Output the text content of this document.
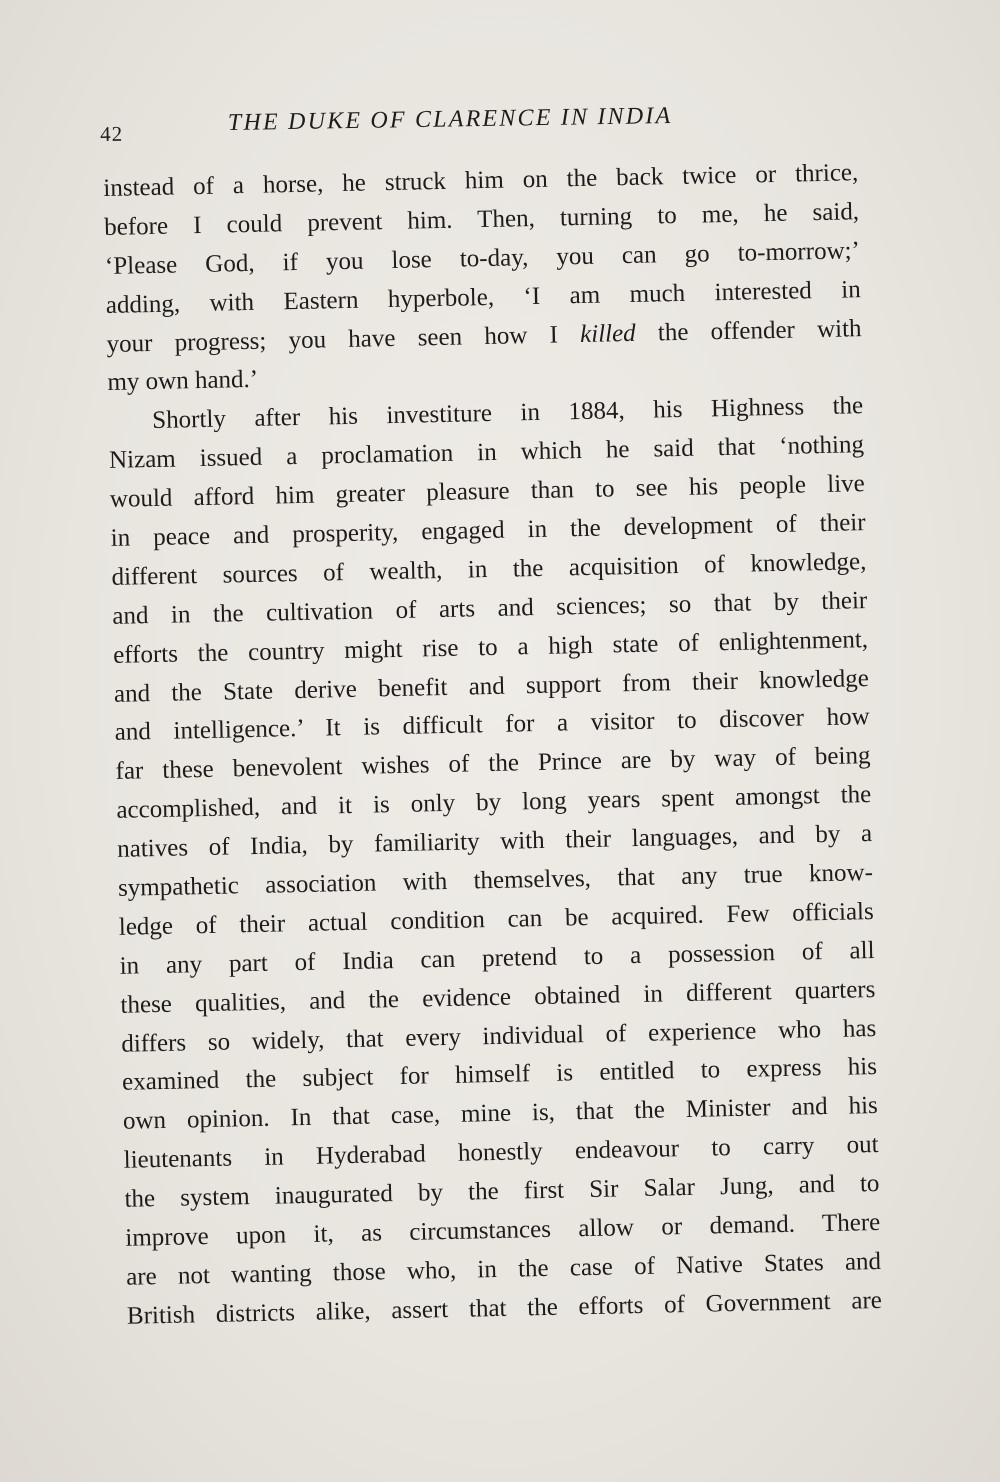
42	THE DUKE OF CLARENCE IN INDIA
instead of a horse, he struck him on the back twice or thrice,
before I could prevent him. Then, turning to me, he said,
‘Please God, if you lose to-day, you can go to-morrow;’
adding, with Eastern hyperbole, ‘I am much interested in
your progress; you have seen how I killed the offender with
my own hand.’
Shortly after his investiture in 1884, his Highness the
Nizam issued a proclamation in which he said that ‘nothing
would afford him greater pleasure than to see his people live
in peace and prosperity, engaged in the development of their
different sources of wealth, in the acquisition of knowledge,
and in the cultivation of arts and sciences; so that by their
efforts the country might rise to a high state of enlightenment,
and the State derive benefit and support from their knowledge
and intelligence.’ It is difficult for a visitor to discover how
far these benevolent wishes of the Prince are by way of being
accomplished, and it is only by long years spent amongst the
natives of India, by familiarity with their languages, and by a
sympathetic association with themselves, that any true know-
ledge of their actual condition can be acquired. Few officials
in any part of India can pretend to a possession of all
these qualities, and the evidence obtained in different quarters
differs so widely, that every individual of experience who has
examined the subject for himself is entitled to express his
own opinion. In that case, mine is, that the Minister and his
lieutenants in Hyderabad honestly endeavour to carry out
the system inaugurated by the first Sir Salar Jung, and to
improve upon it, as circumstances allow or demand. There
are not wanting those who, in the case of Native States and
British districts alike, assert that the efforts of Government are
